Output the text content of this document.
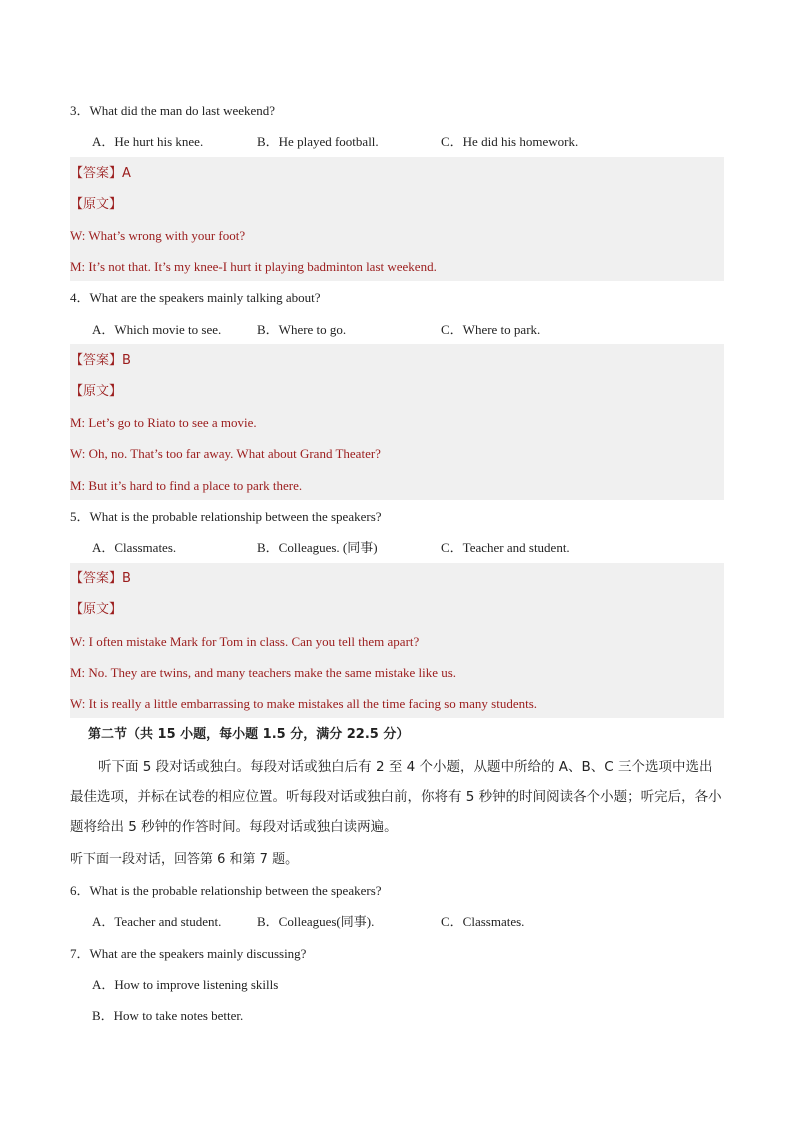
3．What did the man do last weekend?
A．He hurt his knee.	B．He played football.	C．He did his homework.
【答案】A
【原文】
W: What’s wrong with your foot?
M: It’s not that. It’s my knee-I hurt it playing badminton last weekend.
4．What are the speakers mainly talking about?
A．Which movie to see.	B．Where to go.	C．Where to park.
【答案】B
【原文】
M: Let’s go to Riato to see a movie.
W: Oh, no. That’s too far away. What about Grand Theater?
M: But it’s hard to find a place to park there.
5．What is the probable relationship between the speakers?
A．Classmates.	B．Colleagues. (同事)	C．Teacher and student.
【答案】B
【原文】
W: I often mistake Mark for Tom in class. Can you tell them apart?
M: No. They are twins, and many teachers make the same mistake like us.
W: It is really a little embarrassing to make mistakes all the time facing so many students.
第二节（共 15 小题，每小题 1.5 分，满分 22.5 分）
听下面 5 段对话或独白。每段对话或独白后有 2 至 4 个小题，从题中所给的 A、B、C 三个选项中选出最佳选项，并标在试卷的相应位置。听每段对话或独白前，你将有 5 秒钟的时间阅读各个小题；听完后，各小题将给出 5 秒钟的作答时间。每段对话或独白读两遍。
听下面一段对话，回答第 6 和第 7 题。
6．What is the probable relationship between the speakers?
A．Teacher and student.	B．Colleagues(同事).	C．Classmates.
7．What are the speakers mainly discussing?
A．How to improve listening skills
B．How to take notes better.
